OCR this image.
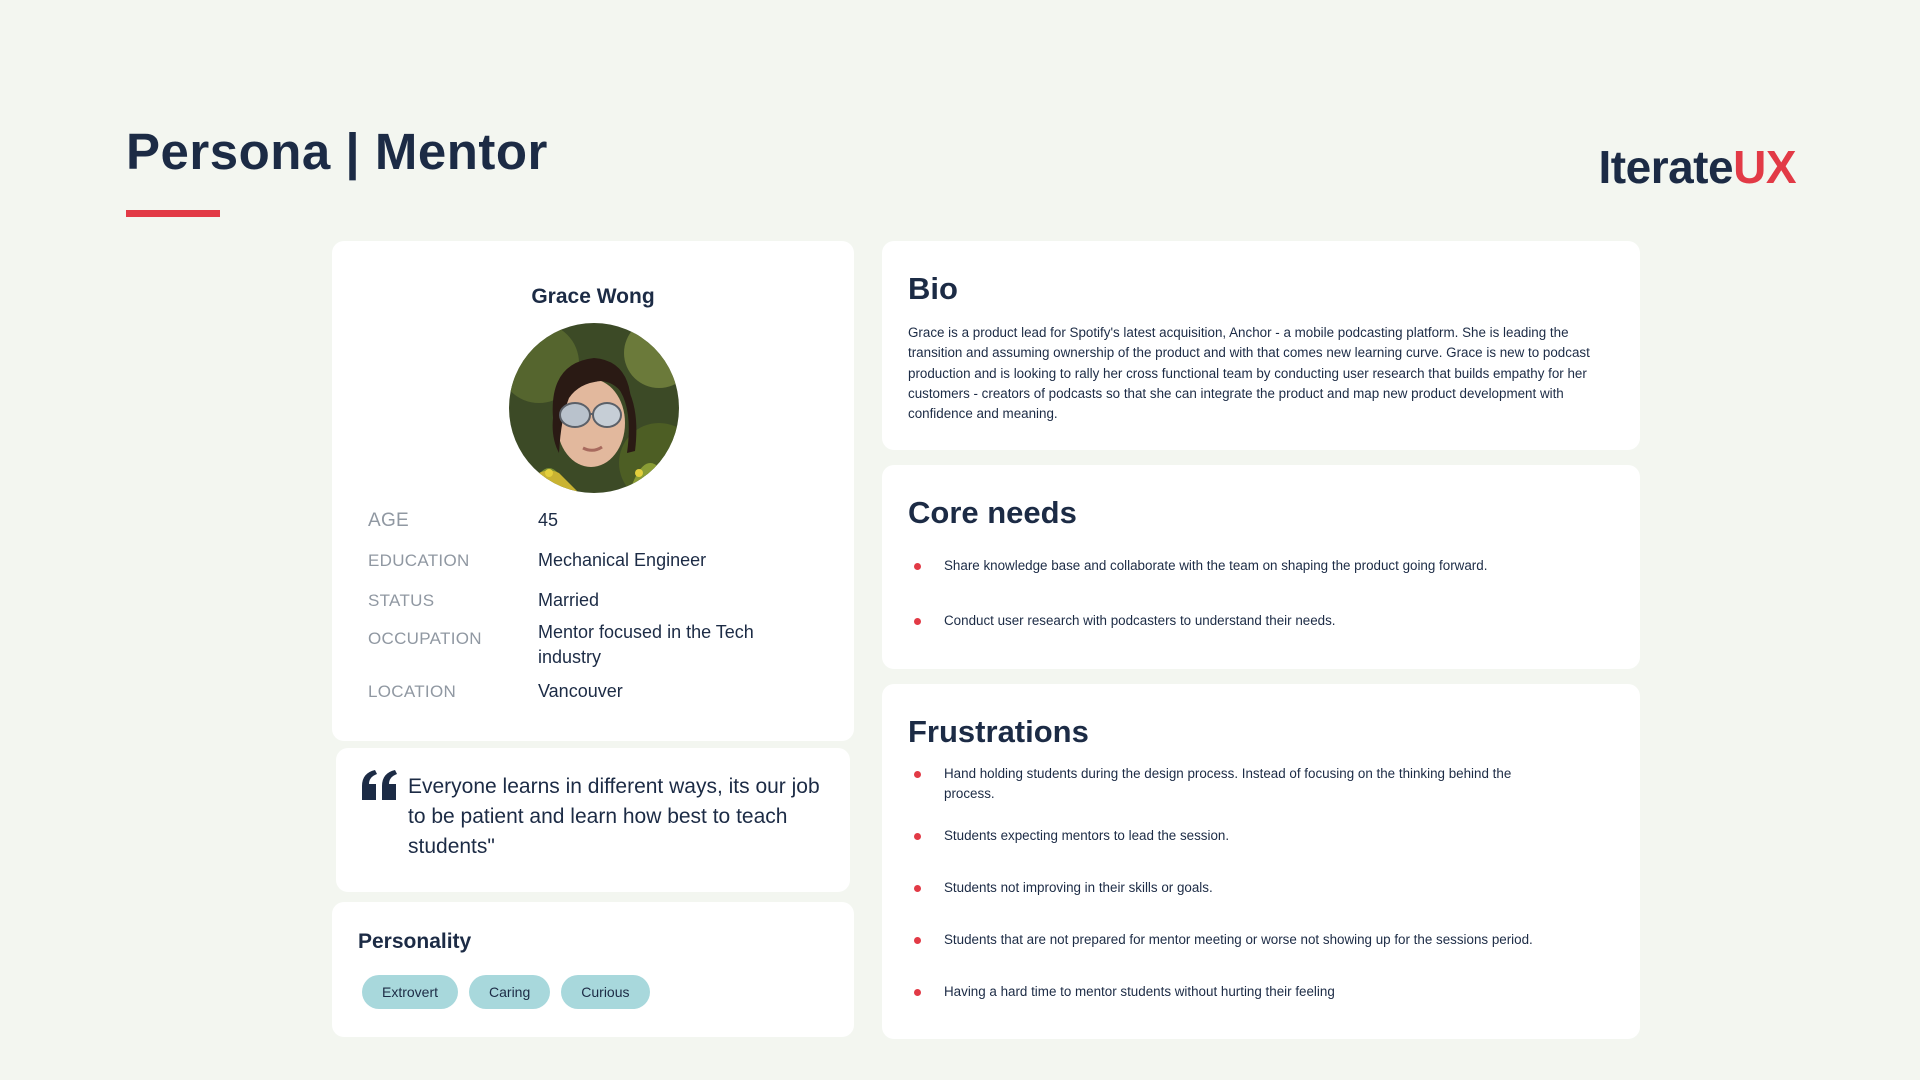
Persona | Mentor	IterateUX
Grace Wong
AGE	45
EDUCATION	Mechanical Engineer
STATUS	Married
OCCUPATION	Mentor focused in the Tech industry
LOCATION	Vancouver
Everyone learns in different ways, its our job to be patient and learn how best to teach students"
Personality
Extrovert	Caring	Curious
Bio

Grace is a product lead for Spotify's latest acquisition, Anchor - a mobile podcasting platform. She is leading the transition and assuming ownership of the product and with that comes new learning curve. Grace is new to podcast production and is looking to rally her cross functional team by conducting user research that builds empathy for her customers - creators of podcasts so that she can integrate the product and map new product development with confidence and meaning.

Core needs
Share knowledge base and collaborate with the team on shaping the product going forward.
Conduct user research with podcasters to understand their needs.
Frustrations
Hand holding students during the design process. Instead of focusing on the thinking behind the process.
Students expecting mentors to lead the session.
Students not improving in their skills or goals.
Students that are not prepared for mentor meeting or worse not showing up for the sessions period.
Having a hard time to mentor students without hurting their feeling
